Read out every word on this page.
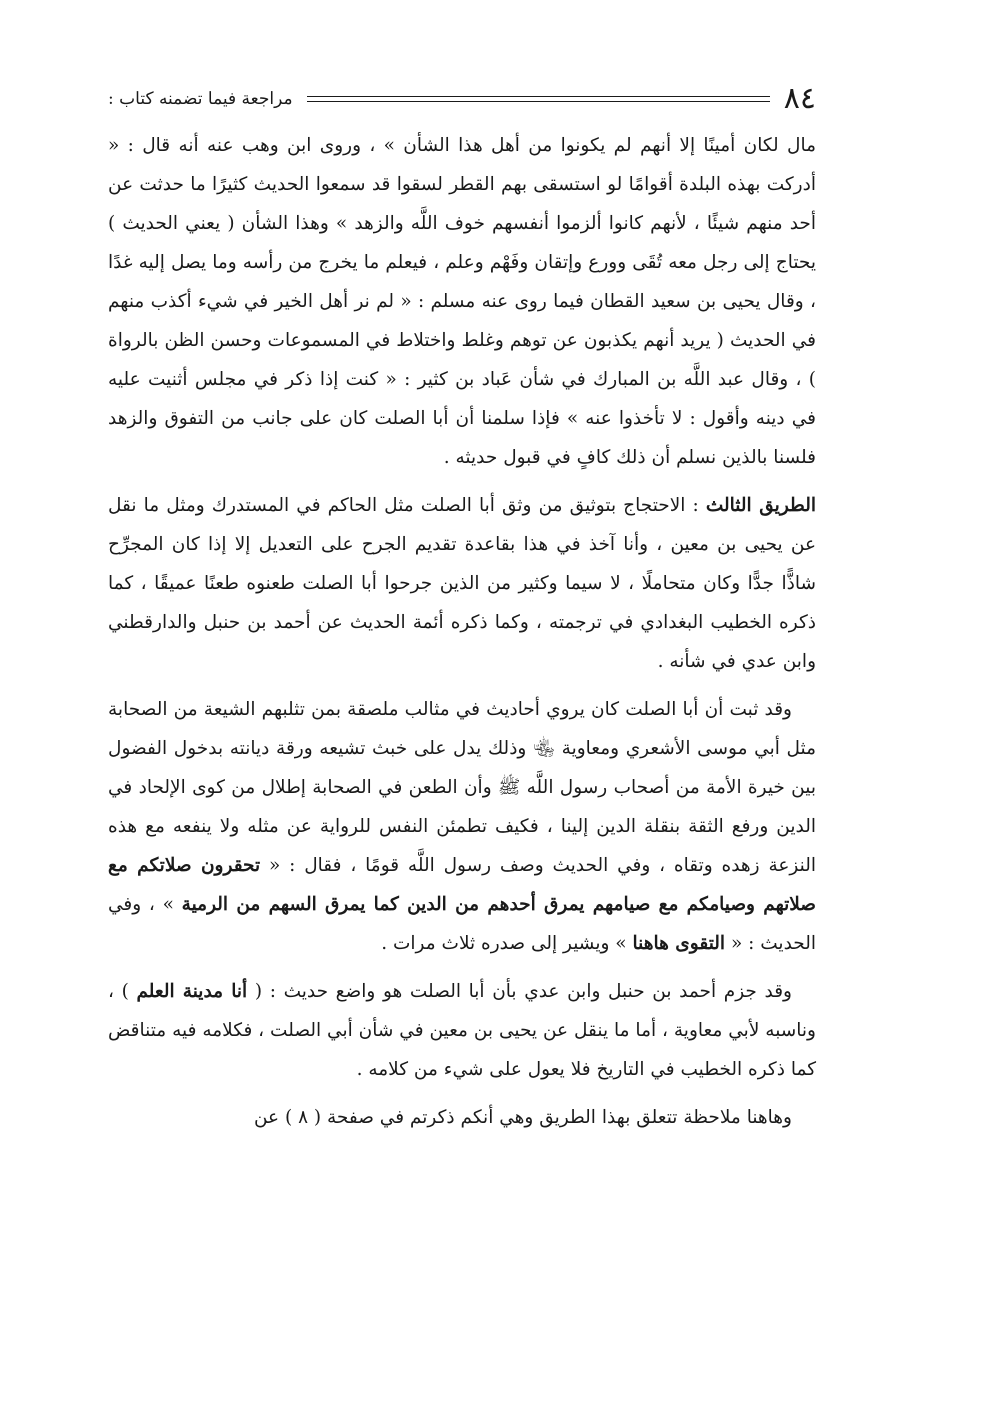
٨٤
مراجعة فيما تضمنه كتاب :

مال لكان أمينًا إلا أنهم لم يكونوا من أهل هذا الشأن » ، وروى ابن وهب عنه أنه قال : « أدركت بهذه البلدة أقوامًا لو استسقى بهم القطر لسقوا قد سمعوا الحديث كثيرًا ما حدثت عن أحد منهم شيئًا ، لأنهم كانوا ألزموا أنفسهم خوف اللَّه والزهد » وهذا الشأن ( يعني الحديث ) يحتاج إلى رجل معه تُقَى وورع وإتقان وفَهْم وعلم ، فيعلم ما يخرج من رأسه وما يصل إليه غدًا ، وقال يحيى بن سعيد القطان فيما روى عنه مسلم : « لم نر أهل الخير في شيء أكذب منهم في الحديث ( يريد أنهم يكذبون عن توهم وغلط واختلاط في المسموعات وحسن الظن بالرواة ) ، وقال عبد اللَّه بن المبارك في شأن عَباد بن كثير : « كنت إذا ذكر في مجلس أثنيت عليه في دينه وأقول : لا تأخذوا عنه » فإذا سلمنا أن أبا الصلت كان على جانب من التفوق والزهد فلسنا بالذين نسلم أن ذلك كافٍ في قبول حديثه .

الطريق الثالث : الاحتجاج بتوثيق من وثق أبا الصلت مثل الحاكم في المستدرك ومثل ما نقل عن يحيى بن معين ، وأنا آخذ في هذا بقاعدة تقديم الجرح على التعديل إلا إذا كان المجرِّح شاذًّا جدًّا وكان متحاملًا ، لا سيما وكثير من الذين جرحوا أبا الصلت طعنوه طعنًا عميقًا ، كما ذكره الخطيب البغدادي في ترجمته ، وكما ذكره أئمة الحديث عن أحمد بن حنبل والدارقطني وابن عدي في شأنه .

وقد ثبت أن أبا الصلت كان يروي أحاديث في مثالب ملصقة بمن تثلبهم الشيعة من الصحابة مثل أبي موسى الأشعري ومعاوية ﵄ وذلك يدل على خبث تشيعه ورقة ديانته بدخول الفضول بين خيرة الأمة من أصحاب رسول اللَّه ﷺ وأن الطعن في الصحابة إطلال من كوى الإلحاد في الدين ورفع الثقة بنقلة الدين إلينا ، فكيف تطمئن النفس للرواية عن مثله ولا ينفعه مع هذه النزعة زهده وتقاه ، وفي الحديث وصف رسول اللَّه قومًا ، فقال : « تحقرون صلاتكم مع صلاتهم وصيامكم مع صيامهم يمرق أحدهم من الدين كما يمرق السهم من الرمية » ، وفي الحديث : « التقوى هاهنا » ويشير إلى صدره ثلاث مرات .

وقد جزم أحمد بن حنبل وابن عدي بأن أبا الصلت هو واضع حديث : ( أنا مدينة العلم ) ، وناسبه لأبي معاوية ، أما ما ينقل عن يحيى بن معين في شأن أبي الصلت ، فكلامه فيه متناقض كما ذكره الخطيب في التاريخ فلا يعول على شيء من كلامه .

وهاهنا ملاحظة تتعلق بهذا الطريق وهي أنكم ذكرتم في صفحة ( ٨ ) عن
